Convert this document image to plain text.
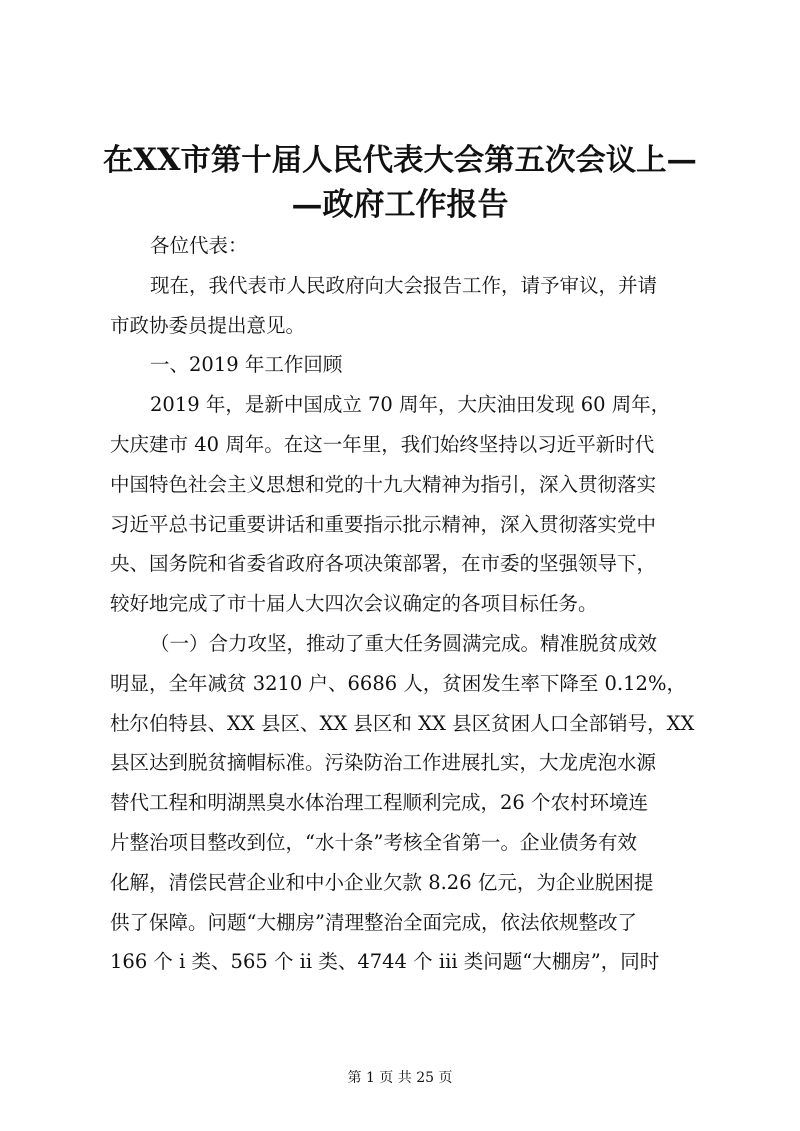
在XX市第十届人民代表大会第五次会议上—
—政府工作报告
各位代表：
现在，我代表市人民政府向大会报告工作，请予审议，并请
市政协委员提出意见。
一、2019 年工作回顾
2019 年，是新中国成立 70 周年，大庆油田发现 60 周年，
大庆建市 40 周年。在这一年里，我们始终坚持以习近平新时代
中国特色社会主义思想和党的十九大精神为指引，深入贯彻落实
习近平总书记重要讲话和重要指示批示精神，深入贯彻落实党中
央、国务院和省委省政府各项决策部署，在市委的坚强领导下，
较好地完成了市十届人大四次会议确定的各项目标任务。
（一）合力攻坚，推动了重大任务圆满完成。精准脱贫成效
明显，全年减贫 3210 户、6686 人，贫困发生率下降至 0.12%，
杜尔伯特县、XX 县区、XX 县区和 XX 县区贫困人口全部销号，XX
县区达到脱贫摘帽标准。污染防治工作进展扎实，大龙虎泡水源
替代工程和明湖黑臭水体治理工程顺利完成，26 个农村环境连
片整治项目整改到位，“水十条”考核全省第一。企业债务有效
化解，清偿民营企业和中小企业欠款 8.26 亿元，为企业脱困提
供了保障。问题“大棚房”清理整治全面完成，依法依规整改了
166 个 i 类、565 个 ii 类、4744 个 iii 类问题“大棚房”，同时
第 1 页 共 25 页
